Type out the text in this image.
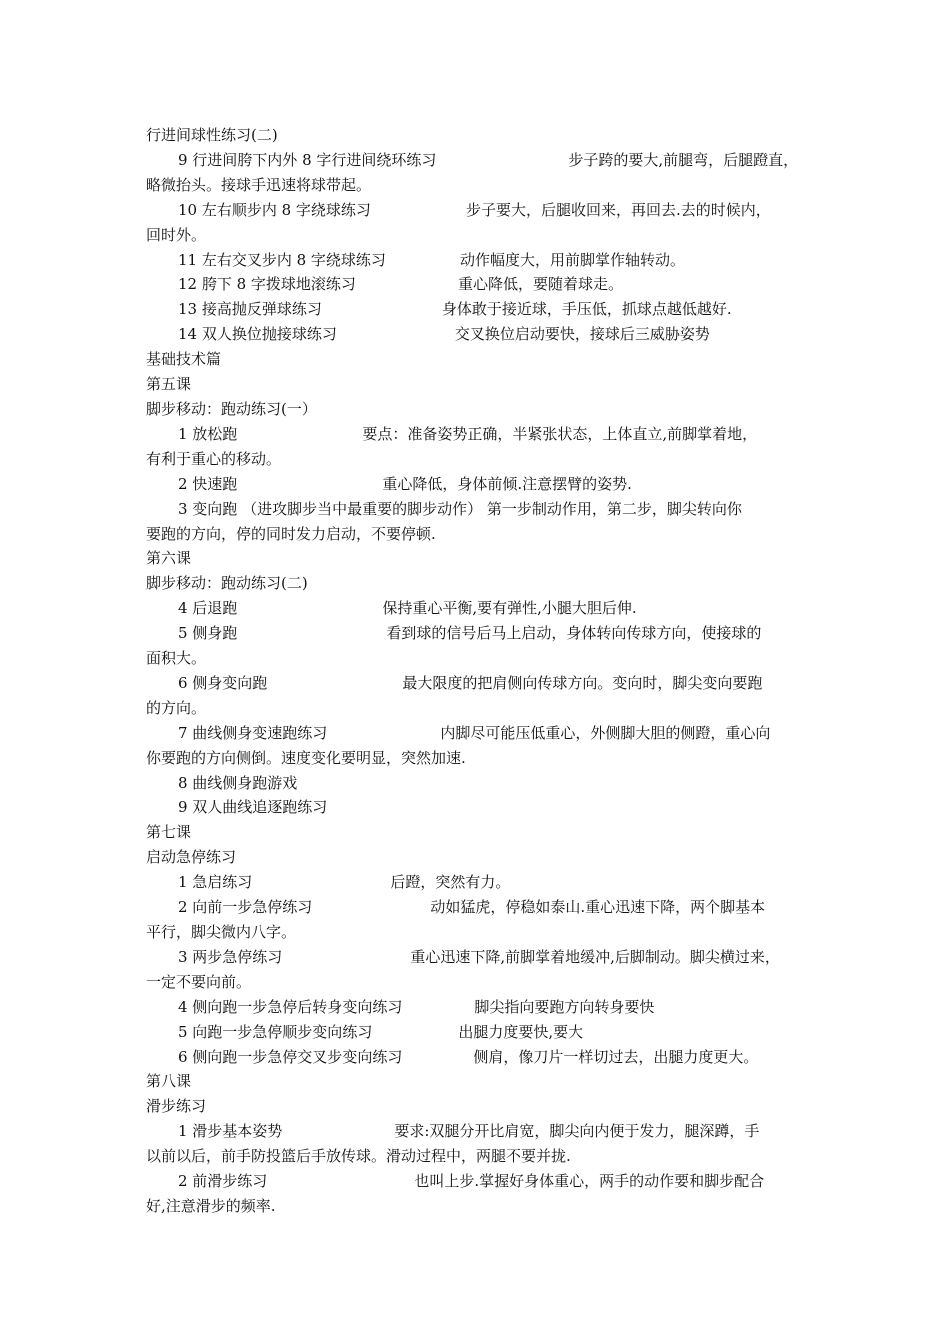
行进间球性练习(二)
9 行进间胯下内外 8 字行进间绕环练习	步子跨的要大,前腿弯，后腿蹬直，
略微抬头。接球手迅速将球带起。
10 左右顺步内 8 字绕球练习	步子要大，后腿收回来，再回去.去的时候内，
回时外。
11 左右交叉步内 8 字绕球练习	动作幅度大，用前脚掌作轴转动。
12 胯下 8 字拨球地滚练习	重心降低，要随着球走。
13 接高抛反弹球练习	身体敢于接近球，手压低，抓球点越低越好.
14 双人换位抛接球练习	交叉换位启动要快，接球后三威胁姿势
基础技术篇
第五课
脚步移动：跑动练习(一）
1 放松跑	要点：准备姿势正确，半紧张状态，上体直立,前脚掌着地，
有利于重心的移动。
2 快速跑	重心降低，身体前倾.注意摆臂的姿势.
3 变向跑 （进攻脚步当中最重要的脚步动作） 第一步制动作用，第二步，脚尖转向你
要跑的方向，停的同时发力启动，不要停顿.
第六课
脚步移动：跑动练习(二)
4 后退跑	保持重心平衡,要有弹性,小腿大胆后伸.
5 侧身跑	看到球的信号后马上启动，身体转向传球方向，使接球的
面积大。
6 侧身变向跑	最大限度的把肩侧向传球方向。变向时，脚尖变向要跑
的方向。
7 曲线侧身变速跑练习	内脚尽可能压低重心，外侧脚大胆的侧蹬，重心向
你要跑的方向侧倒。速度变化要明显，突然加速.
8 曲线侧身跑游戏
9 双人曲线追逐跑练习
第七课
启动急停练习
1 急启练习	后蹬，突然有力。
2 向前一步急停练习	动如猛虎，停稳如泰山.重心迅速下降，两个脚基本
平行，脚尖微内八字。
3 两步急停练习	重心迅速下降,前脚掌着地缓冲,后脚制动。脚尖横过来，
一定不要向前。
4 侧向跑一步急停后转身变向练习	脚尖指向要跑方向转身要快
5 向跑一步急停顺步变向练习	出腿力度要快,要大
6 侧向跑一步急停交叉步变向练习	侧肩，像刀片一样切过去，出腿力度更大。
第八课
滑步练习
1 滑步基本姿势	要求:双腿分开比肩宽，脚尖向内便于发力，腿深蹲，手
以前以后，前手防投篮后手放传球。滑动过程中，两腿不要并拢.
2 前滑步练习	也叫上步.掌握好身体重心，两手的动作要和脚步配合
好,注意滑步的频率.
